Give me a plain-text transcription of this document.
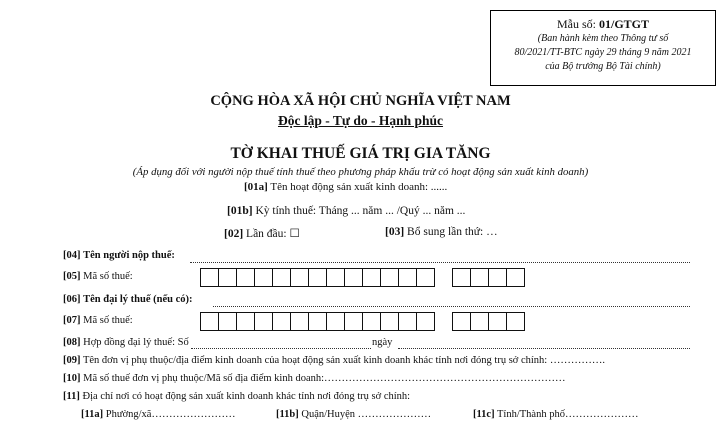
Mẫu số: 01/GTGT
(Ban hành kèm theo Thông tư số
80/2021/TT-BTC ngày 29 tháng 9 năm 2021
của Bộ trưởng Bộ Tài chính)
CỘNG HÒA XÃ HỘI CHỦ NGHĨA VIỆT NAM
Độc lập - Tự do - Hạnh phúc
TỜ KHAI THUẾ GIÁ TRỊ GIA TĂNG
(Áp dụng đối với người nộp thuế tính thuế theo phương pháp khấu trừ có hoạt động sản xuất kinh doanh)
[01a] Tên hoạt động sản xuất kinh doanh: ......
[01b] Kỳ tính thuế: Tháng ... năm ... /Quý ... năm ...
[02] Lần đầu: ☐	[03] Bổ sung lần thứ: …
[04] Tên người nộp thuế:
[05] Mã số thuế:
[06] Tên đại lý thuế (nếu có):
[07] Mã số thuế:
[08] Hợp đồng đại lý thuế: Số	ngày
[09] Tên đơn vị phụ thuộc/địa điểm kinh doanh của hoạt động sản xuất kinh doanh khác tỉnh nơi đóng trụ sở chính: …………….
[10] Mã số thuế đơn vị phụ thuộc/Mã số địa điểm kinh doanh:……………………………………………………………
[11] Địa chỉ nơi có hoạt động sản xuất kinh doanh khác tỉnh nơi đóng trụ sở chính:
[11a] Phường/xã……………………	[11b] Quận/Huyện …………………	[11c] Tỉnh/Thành phố…………………
